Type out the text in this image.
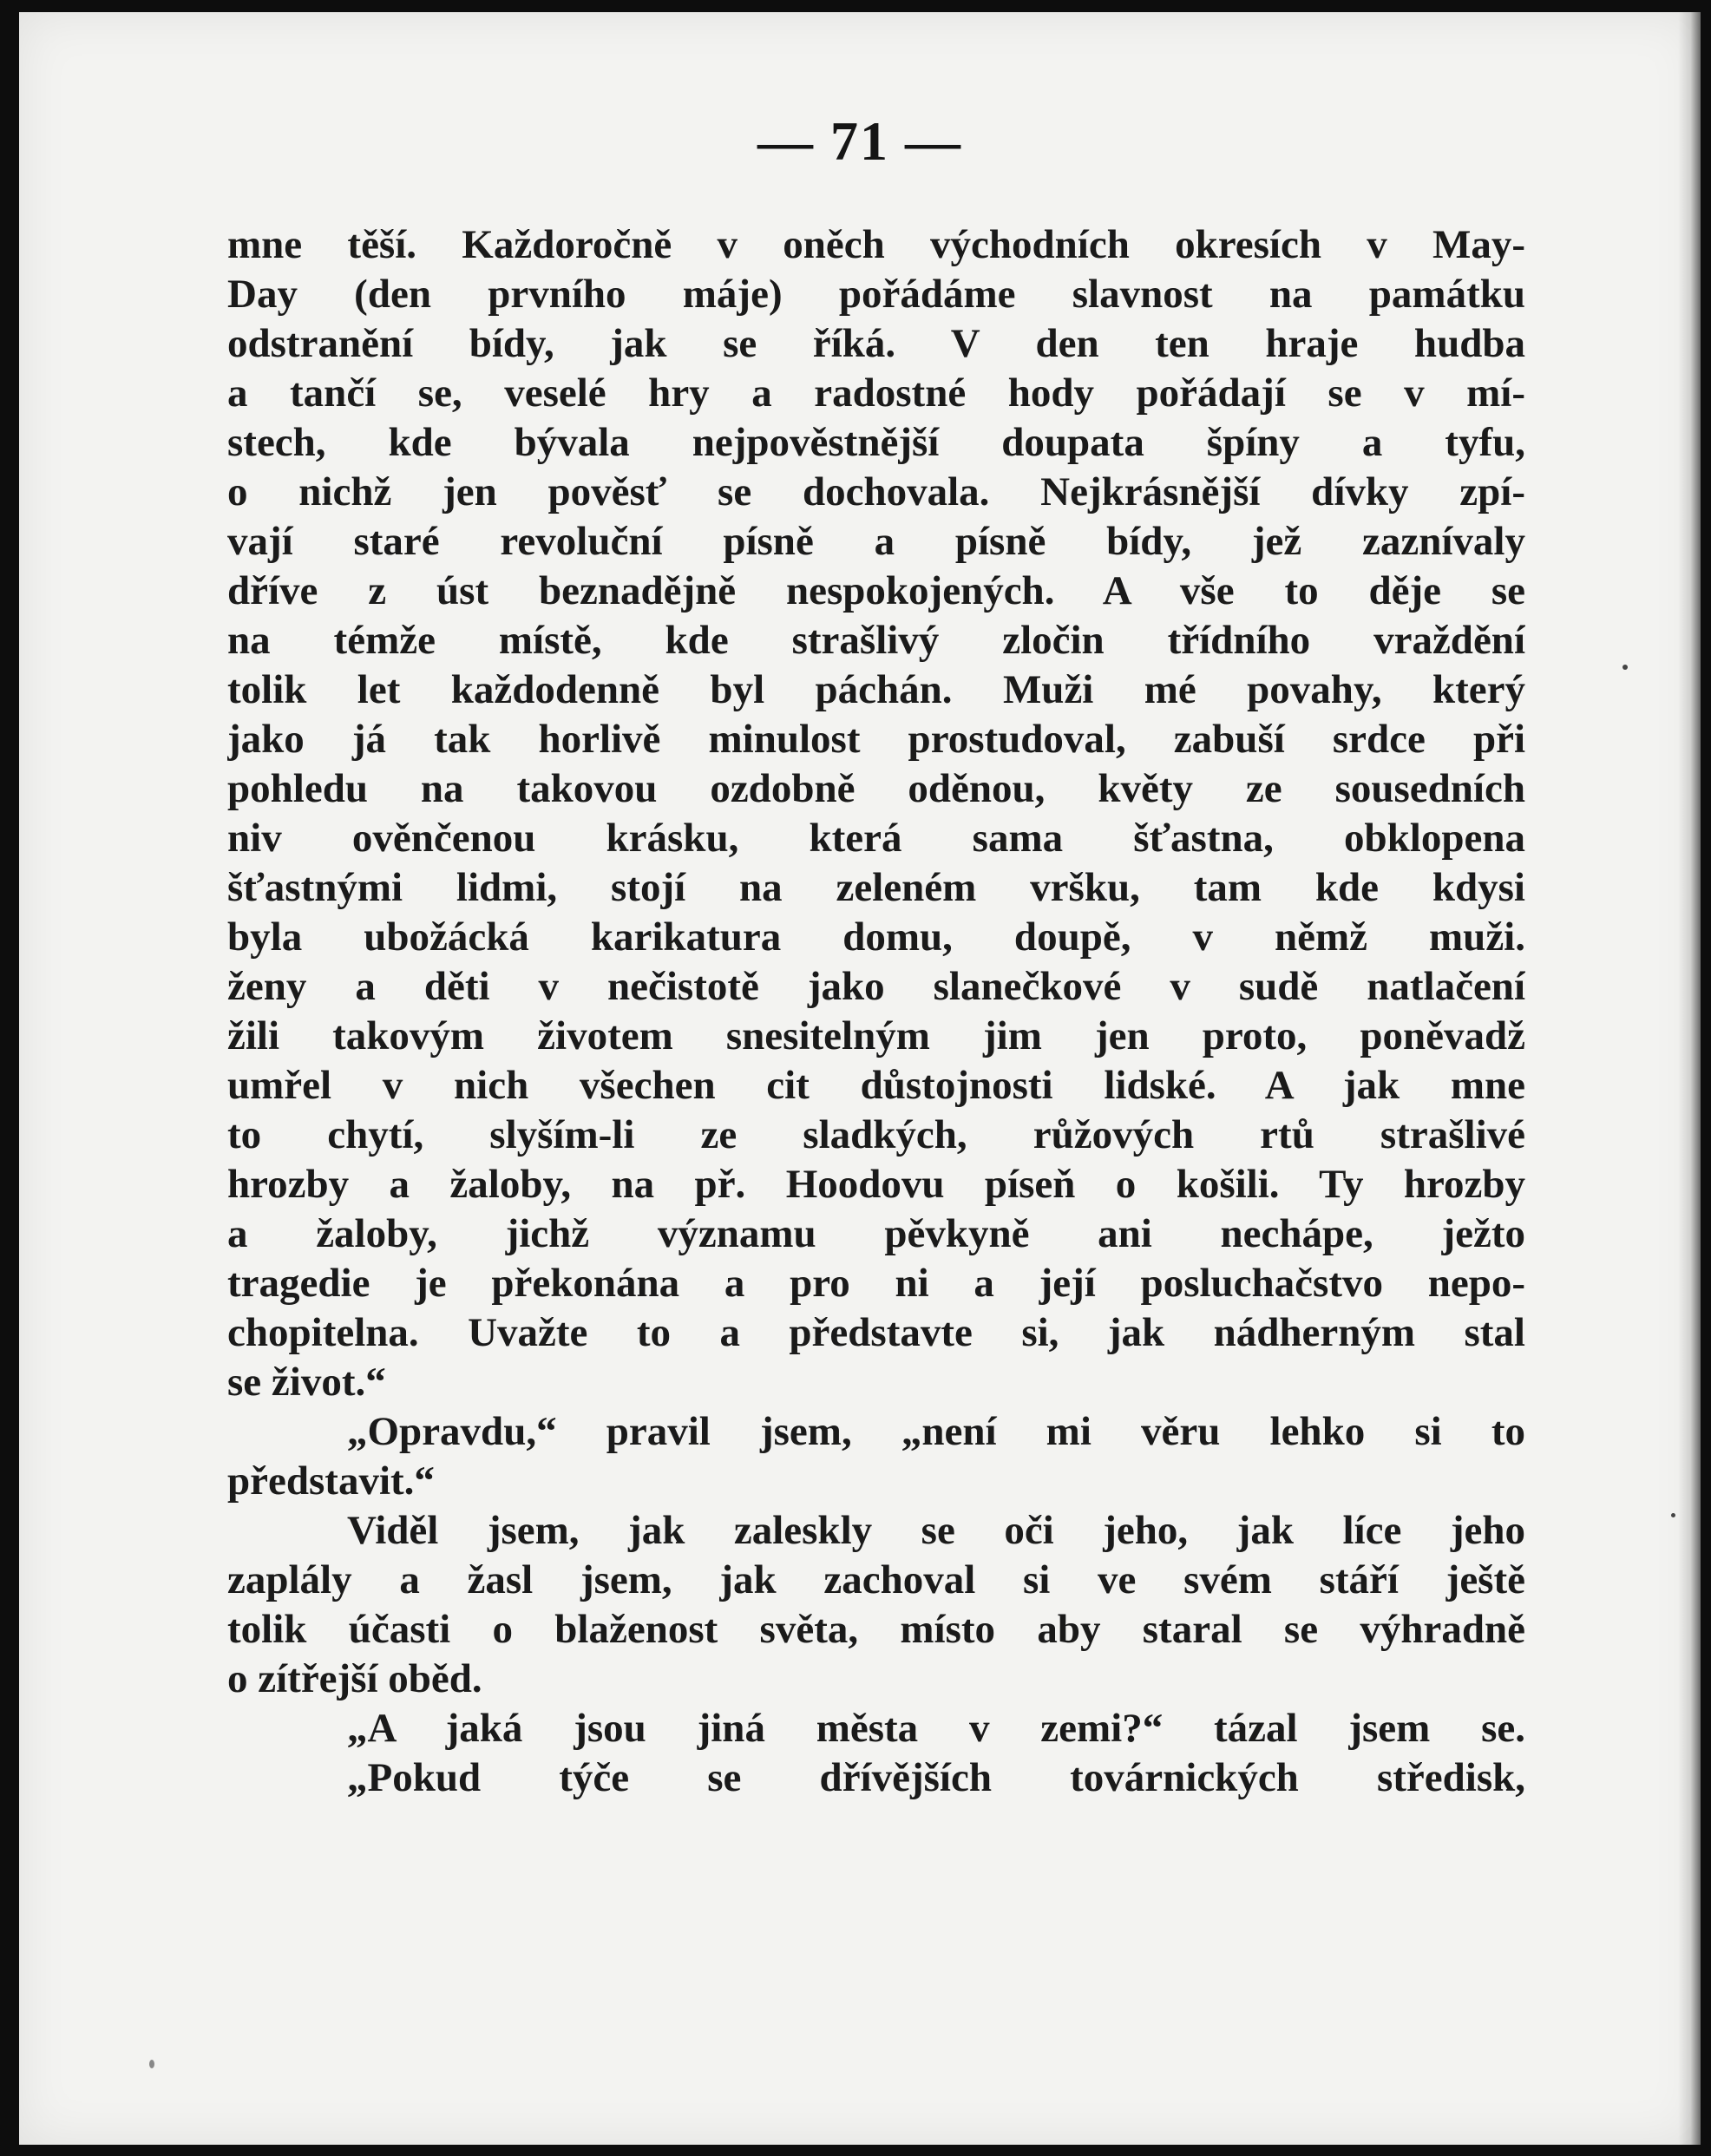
— 71 —
mne těší. Každoročně v oněch východních okresích v May-
Day (den prvního máje) pořádáme slavnost na památku
odstranění bídy, jak se říká. V den ten hraje hudba
a tančí se, veselé hry a radostné hody pořádají se v mí-
stech, kde bývala nejpověstnější doupata špíny a tyfu,
o nichž jen pověsť se dochovala. Nejkrásnější dívky zpí-
vají staré revoluční písně a písně bídy, jež zaznívaly
dříve z úst beznadějně nespokojených. A vše to děje se
na témže místě, kde strašlivý zločin třídního vraždění
tolik let každodenně byl páchán. Muži mé povahy, který
jako já tak horlivě minulost prostudoval, zabuší srdce při
pohledu na takovou ozdobně oděnou, květy ze sousedních
niv ověnčenou krásku, která sama šťastna, obklopena
šťastnými lidmi, stojí na zeleném vršku, tam kde kdysi
byla ubožácká karikatura domu, doupě, v němž muži.
ženy a děti v nečistotě jako slanečkové v sudě natlačení
žili takovým životem snesitelným jim jen proto, poněvadž
umřel v nich všechen cit důstojnosti lidské. A jak mne
to chytí, slyším-li ze sladkých, růžových rtů strašlivé
hrozby a žaloby, na př. Hoodovu píseň o košili. Ty hrozby
a žaloby, jichž významu pěvkyně ani nechápe, ježto
tragedie je překonána a pro ni a její posluchačstvo nepo-
chopitelna. Uvažte to a představte si, jak nádherným stal
se život.“
„Opravdu,“ pravil jsem, „není mi věru lehko si to
představit.“
Viděl jsem, jak zaleskly se oči jeho, jak líce jeho
zaplály a žasl jsem, jak zachoval si ve svém stáří ještě
tolik účasti o blaženost světa, místo aby staral se výhradně
o zítřejší oběd.
„A jaká jsou jiná města v zemi?“ tázal jsem se.
„Pokud týče se dřívějších továrnických středisk,
